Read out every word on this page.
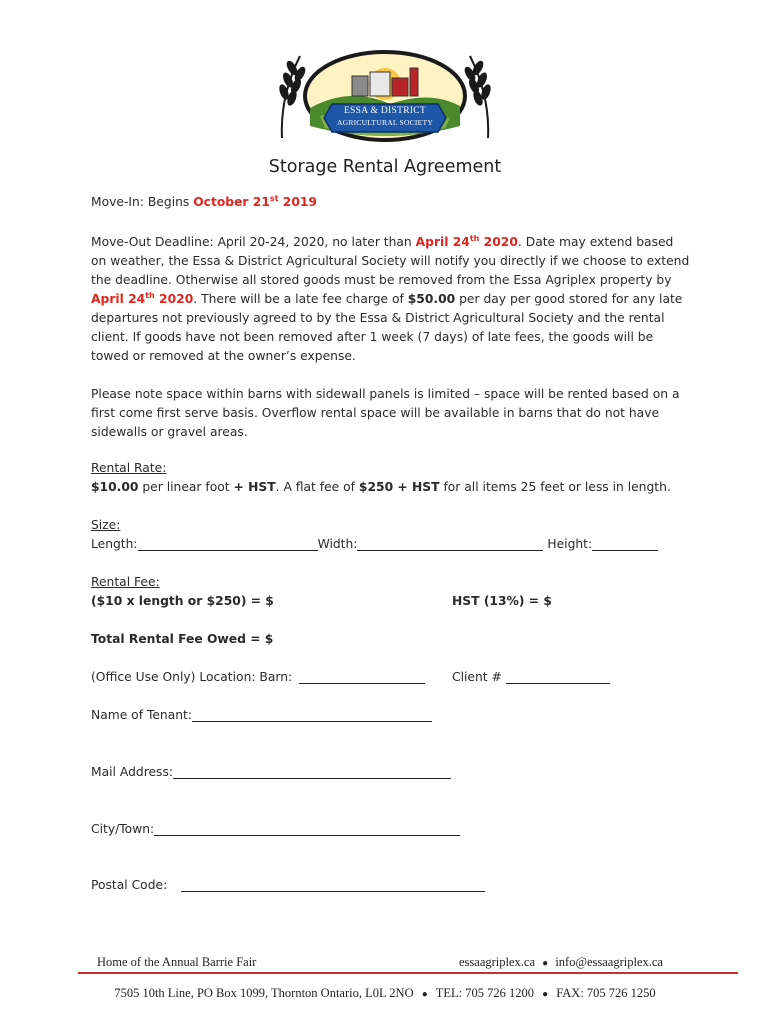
ESSA & DISTRICT
AGRICULTURAL SOCIETY
Storage Rental Agreement
Move-In: Begins October 21st 2019
Move-Out Deadline: April 20-24, 2020, no later than April 24th 2020. Date may extend based on weather, the Essa & District Agricultural Society will notify you directly if we choose to extend the deadline. Otherwise all stored goods must be removed from the Essa Agriplex property by April 24th 2020. There will be a late fee charge of $50.00 per day per good stored for any late departures not previously agreed to by the Essa & District Agricultural Society and the rental client. If goods have not been removed after 1 week (7 days) of late fees, the goods will be towed or removed at the owner’s expense.
Please note space within barns with sidewall panels is limited – space will be rented based on a first come first serve basis. Overflow rental space will be available in barns that do not have sidewalls or gravel areas.
Rental Rate:
$10.00 per linear foot + HST. A flat fee of $250 + HST for all items 25 feet or less in length.
Size:
Length:	Width:	Height:
Rental Fee:
($10 x length or $250) = $	HST (13%) = $
Total Rental Fee Owed = $
(Office Use Only) Location: Barn:	Client #
Name of Tenant:
Mail Address:
City/Town:
Postal Code:
Home of the Annual Barrie Fair	essaagriplex.ca ● info@essaagriplex.ca
7505 10th Line, PO Box 1099, Thornton Ontario, L0L 2NO ● TEL: 705 726 1200 ● FAX: 705 726 1250
